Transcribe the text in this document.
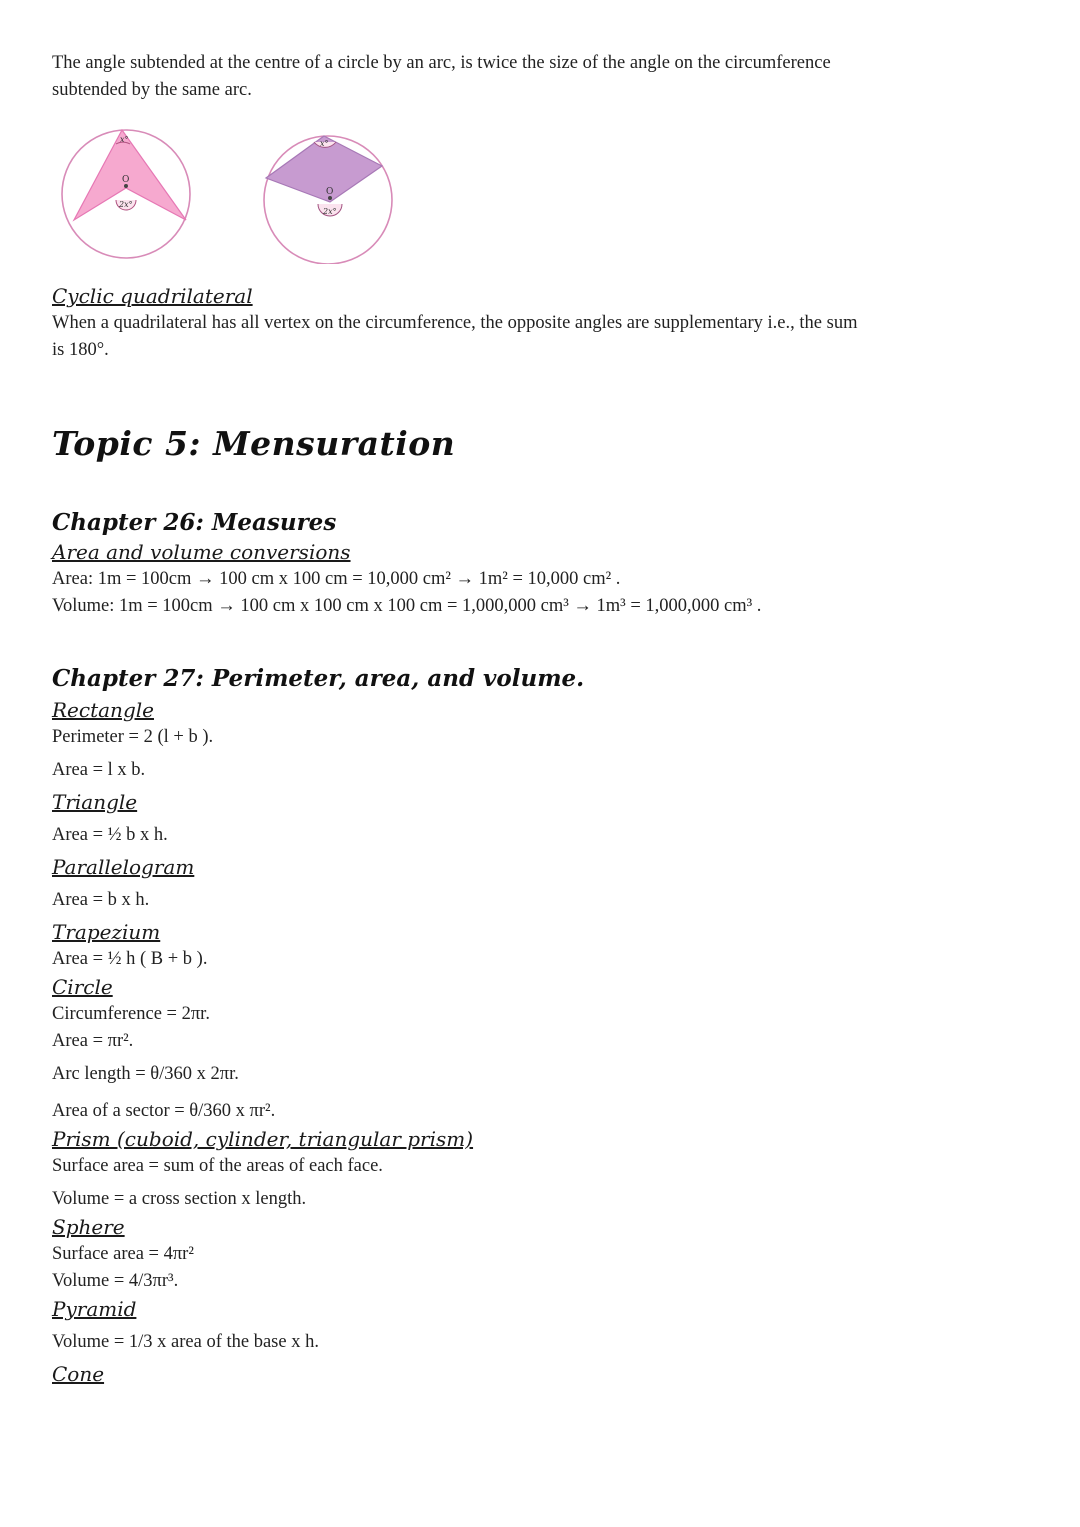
The angle subtended at the centre of a circle by an arc, is twice the size of the angle on the circumference

subtended by the same arc.

x°
O
2x°
x°
O
2x°

Cyclic quadrilateral

When a quadrilateral has all vertex on the circumference, the opposite angles are supplementary i.e., the sum

is 180°.

Topic 5: Mensuration

Chapter 26: Measures

Area and volume conversions

Area: 1m = 100cm → 100 cm x 100 cm = 10,000 cm² → 1m² = 10,000 cm² .

Volume: 1m = 100cm → 100 cm x 100 cm x 100 cm = 1,000,000 cm³ → 1m³ = 1,000,000 cm³ .

Chapter 27: Perimeter, area, and volume.

Rectangle

Perimeter = 2 (l + b ).

Area = l x b.

Triangle

Area = ½ b x h.

Parallelogram

Area = b x h.

Trapezium

Area = ½ h ( B + b ).

Circle

Circumference = 2πr.

Area = πr².

Arc length = θ/360 x 2πr.

Area of a sector = θ/360 x πr².

Prism (cuboid, cylinder, triangular prism)

Surface area = sum of the areas of each face.

Volume = a cross section x length.

Sphere

Surface area = 4πr²

Volume = 4/3πr³.

Pyramid

Volume = 1/3 x area of the base x h.

Cone
